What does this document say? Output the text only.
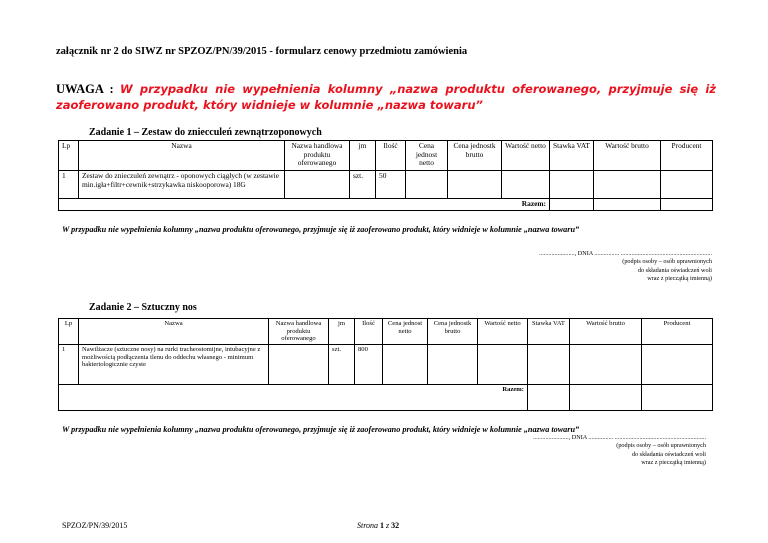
załącznik nr 2 do SIWZ nr SPZOZ/PN/39/2015 - formularz cenowy przedmiotu zamówienia
UWAGA : W przypadku nie wypełnienia kolumny „nazwa produktu oferowanego, przyjmuje się iż zaoferowano produkt, który widnieje w kolumnie „nazwa towaru”
Zadanie 1 – Zestaw do zniecculeń zewnątrzoponowych
Lp	Nazwa	Nazwa handlowa produktu oferowanego	jm	Ilość	Cena jednost netto	Cena jednostk brutto	Wartość netto	Stawka VAT	Wartość brutto	Producent
1	Zestaw do znieczuleń zewnątrz - oponowych ciągłych (w zestawie min.igła+filtr+cewnik+strzykawka niskooporowa) 18G		szt.	50						
Razem:										
W przypadku nie wypełnienia kolumny „nazwa produktu oferowanego, przyjmuje się iż zaoferowano produkt, który widnieje w kolumnie „nazwa towaru”
......................., DNIA ................ ...........................................................
(podpis osoby – osób uprawnionych
do składania oświadczeń woli
wraz z pieczątką imienną)
Zadanie 2 – Sztuczny nos
Lp	Nazwa	Nazwa handlowa produktu oferowanego	jm	Ilość	Cena jednost netto	Cena jednostk brutto	Wartość netto	Stawka VAT	Wartość brutto	Producent
1	Nawilżacze (sztuczne nosy) na rurki tracheostomijne, intubacyjne z możliwością podłączenia tlenu do oddechu własnego - minimum bakteriologicznie czyste		szt.	800						
Razem:										
W przypadku nie wypełnienia kolumny „nazwa produktu oferowanego, przyjmuje się iż zaoferowano produkt, który widnieje w kolumnie „nazwa towaru”
......................., DNIA ................ ...........................................................
(podpis osoby – osób uprawnionych
do składania oświadczeń woli
wraz z pieczątką imienną)
SPZOZ/PN/39/2015	Strona 1 z 32
